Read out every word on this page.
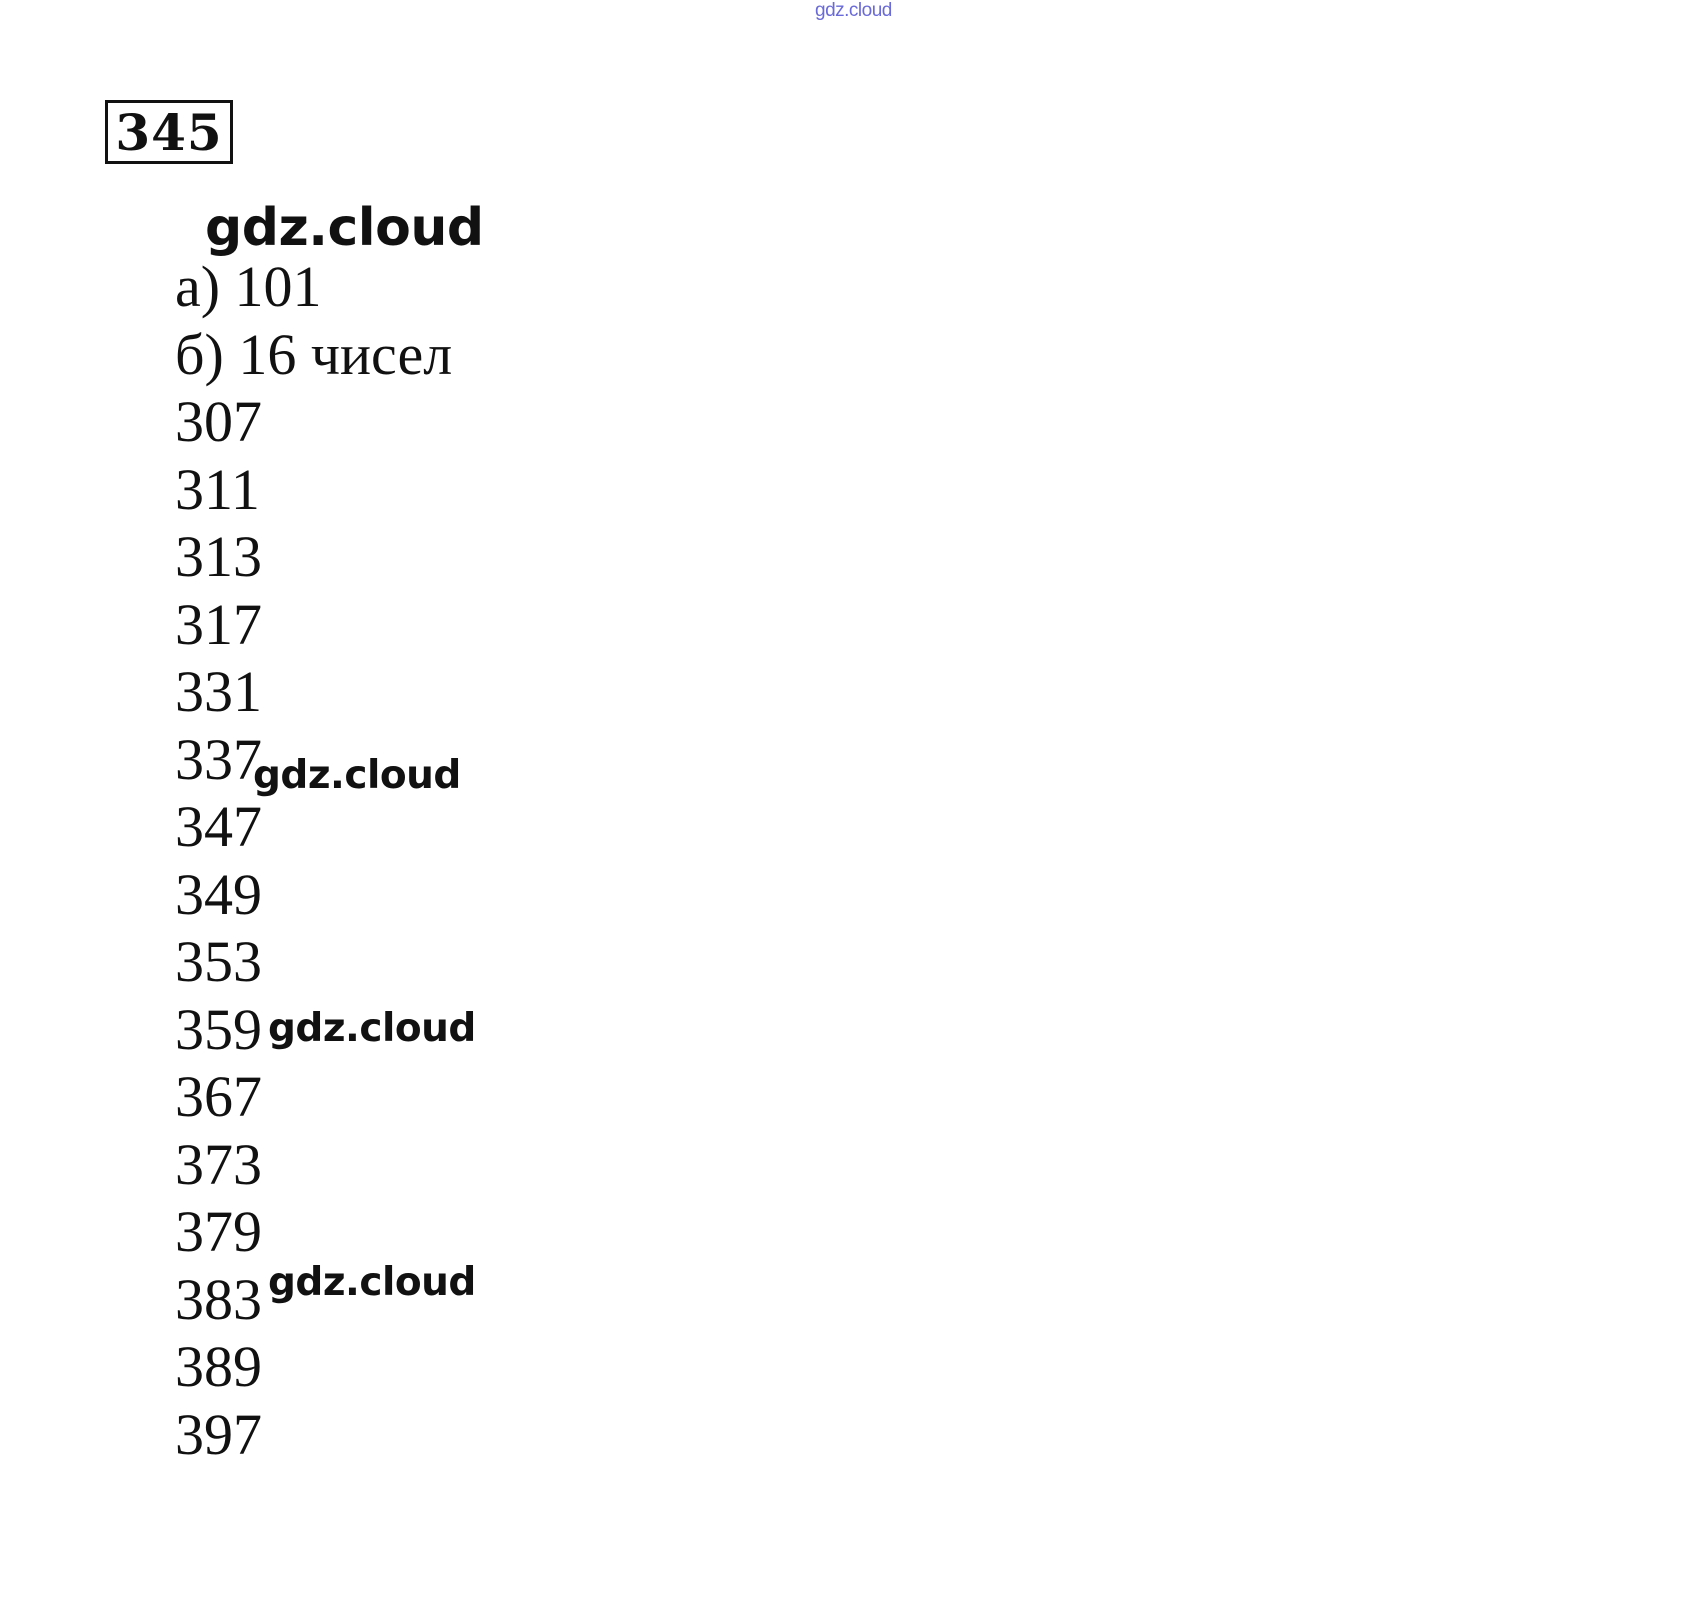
gdz.cloud
345
gdz.cloud
а) 101
б) 16 чисел
307
311
313
317
331
337
347
349
353
359
367
373
379
383
389
397
gdz.cloud
gdz.cloud
gdz.cloud
